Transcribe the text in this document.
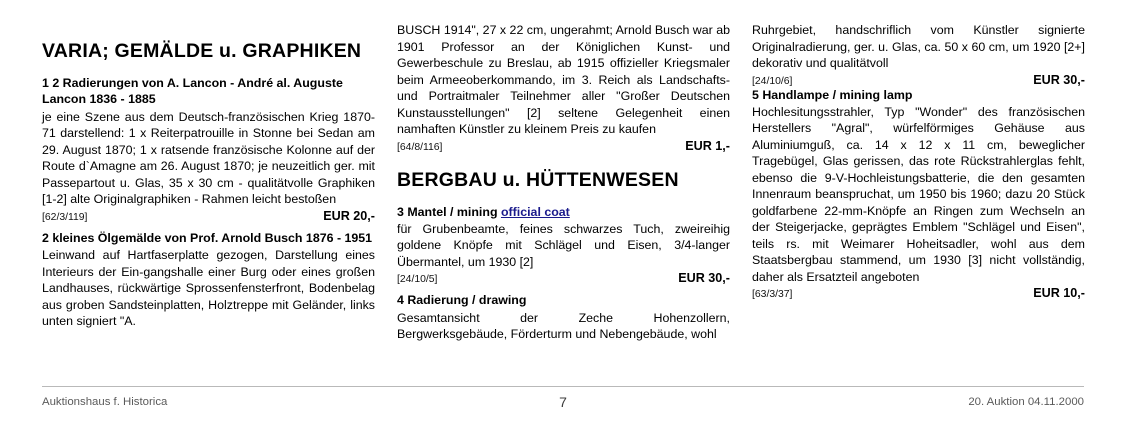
VARIA; GEMÄLDE u. GRAPHIKEN
1 2 Radierungen von A. Lancon - André al. Auguste Lancon 1836 - 1885
je eine Szene aus dem Deutsch-französischen Krieg 1870-71 darstellend: 1 x Reiterpatrouille in Stonne bei Sedan am 29. August 1870; 1 x ratsende französische Kolonne auf der Route d`Amagne am 26. August 1870; je neuzeitlich ger. mit Passepartout u. Glas, 35 x 30 cm - qualitätvolle Graphiken [1-2] alte Originalgraphiken - Rahmen leicht bestoßen
[62/3/119]	EUR 20,-
2 kleines Ölgemälde von Prof. Arnold Busch 1876 - 1951
Leinwand auf Hartfaserplatte gezogen, Darstellung eines Interieurs der Ein-gangshalle einer Burg oder eines großen Landhauses, rückwärtige Sprossenfensterfront, Bodenbelag aus groben Sandsteinplatten, Holztreppe mit Geländer, links unten signiert "A.
BUSCH 1914", 27 x 22 cm, ungerahmt; Arnold Busch war ab 1901 Professor an der Königlichen Kunst- und Gewerbeschule zu Breslau, ab 1915 offizieller Kriegsmaler beim Armeeoberkommando, im 3. Reich als Landschafts- und Portraitmaler Teilnehmer aller "Großer Deutschen Kunstausstellungen" [2] seltene Gelegenheit einen namhaften Künstler zu kleinem Preis zu kaufen
[64/8/116]	EUR 1,-
BERGBAU u. HÜTTENWESEN
3 Mantel / mining official coat
für Grubenbeamte, feines schwarzes Tuch, zweireihig goldene Knöpfe mit Schlägel und Eisen, 3/4-langer Übermantel, um 1930 [2]
[24/10/5]	EUR 30,-
4 Radierung / drawing
Gesamtansicht der Zeche Hohenzollern, Bergwerksgebäude, Förderturm und Nebengebäude, wohl
Ruhrgebiet, handschriflich vom Künstler signierte Originalradierung, ger. u. Glas, ca. 50 x 60 cm, um 1920 [2+] dekorativ und qualitätvoll
[24/10/6]	EUR 30,-
5 Handlampe / mining lamp
Hochlesitungsstrahler, Typ "Wonder" des französischen Herstellers "Agral", würfelförmiges Gehäuse aus Aluminiumguß, ca. 14 x 12 x 11 cm, beweglicher Tragebügel, Glas gerissen, das rote Rückstrahlerglas fehlt, ebenso die 9-V-Hochleistungsbatterie, die den gesamten Innenraum beanspruchat, um 1950 bis 1960; dazu 20 Stück goldfarbene 22-mm-Knöpfe an Ringen zum Wechseln an der Steigerjacke, geprägtes Emblem "Schlägel und Eisen", teils rs. mit Weimarer Hoheitsadler, wohl aus dem Staatsbergbau stammend, um 1930 [3] nicht vollständig, daher als Ersatzteil angeboten
[63/3/37]	EUR 10,-
Auktionshaus f. Historica	7	20. Auktion 04.11.2000
